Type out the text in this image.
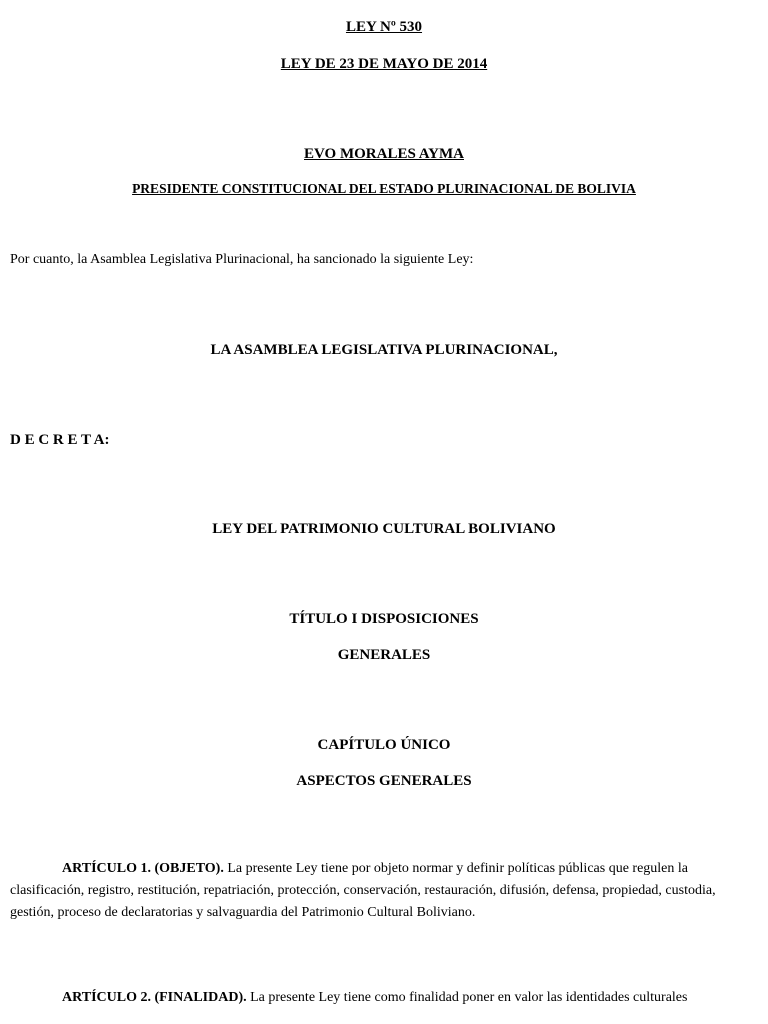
LEY Nº 530
LEY DE 23 DE MAYO DE 2014
EVO MORALES AYMA
PRESIDENTE CONSTITUCIONAL DEL ESTADO PLURINACIONAL DE BOLIVIA
Por cuanto, la Asamblea Legislativa Plurinacional, ha sancionado la siguiente Ley:
LA ASAMBLEA LEGISLATIVA PLURINACIONAL,
D E C R E T A:
LEY DEL PATRIMONIO CULTURAL BOLIVIANO
TÍTULO I DISPOSICIONES
GENERALES
CAPÍTULO ÚNICO
ASPECTOS GENERALES
ARTÍCULO 1. (OBJETO). La presente Ley tiene por objeto normar y definir políticas públicas que regulen la
clasificación, registro, restitución, repatriación, protección, conservación, restauración, difusión, defensa, propiedad, custodia,
gestión, proceso de declaratorias y salvaguardia del Patrimonio Cultural Boliviano.
ARTÍCULO 2. (FINALIDAD). La presente Ley tiene como finalidad poner en valor las identidades culturales
